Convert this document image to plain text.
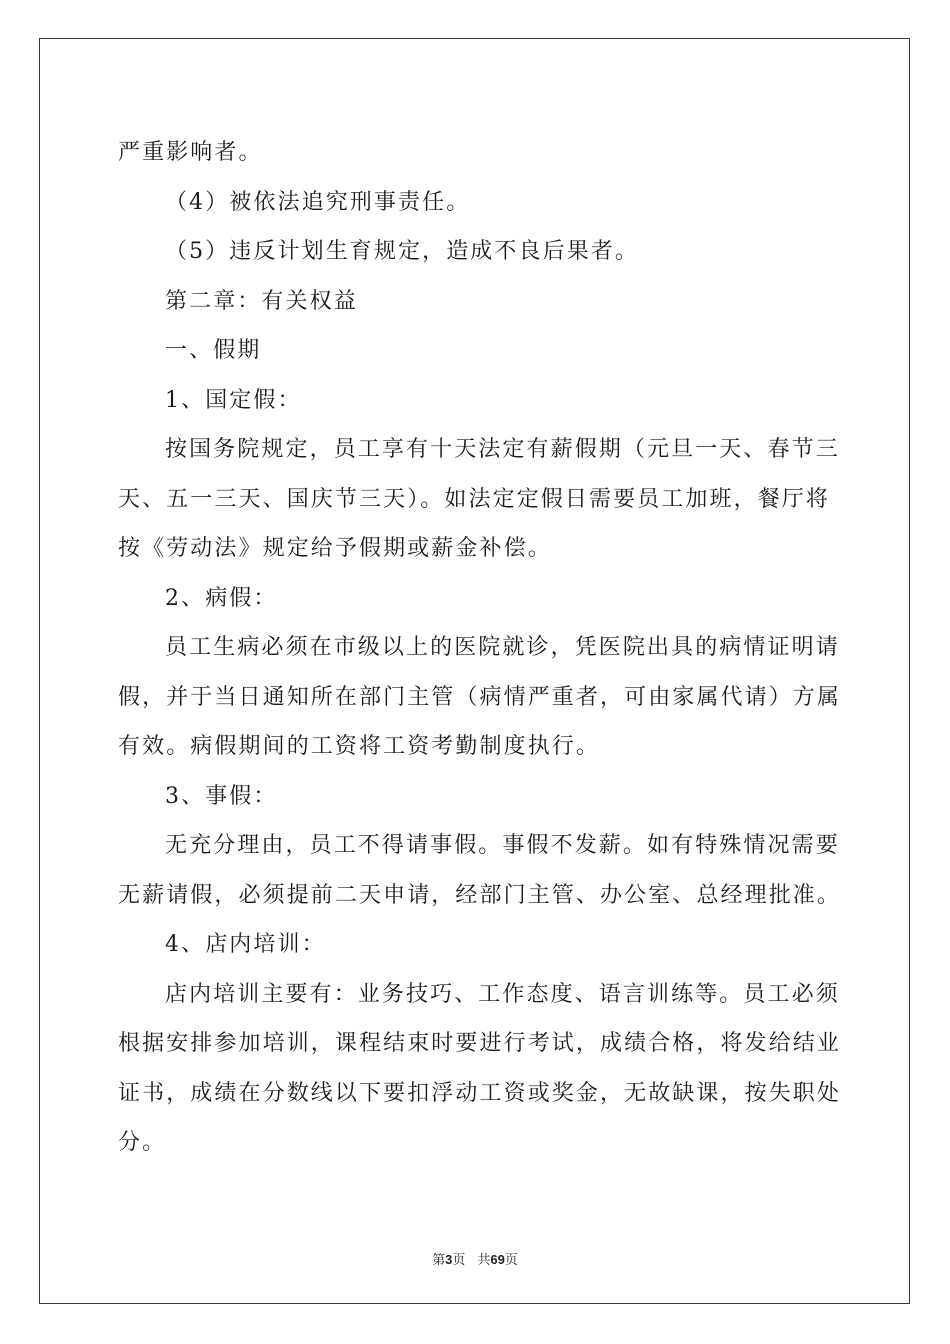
严重影响者。
（4）被依法追究刑事责任。
（5）违反计划生育规定，造成不良后果者。
第二章：有关权益
一、假期
1、国定假：
按国务院规定，员工享有十天法定有薪假期（元旦一天、春节三
天、五一三天、国庆节三天）。如法定定假日需要员工加班，餐厅将
按《劳动法》规定给予假期或薪金补偿。
2、病假：
员工生病必须在市级以上的医院就诊，凭医院出具的病情证明请
假，并于当日通知所在部门主管（病情严重者，可由家属代请）方属
有效。病假期间的工资将工资考勤制度执行。
3、事假：
无充分理由，员工不得请事假。事假不发薪。如有特殊情况需要
无薪请假，必须提前二天申请，经部门主管、办公室、总经理批准。
4、店内培训：
店内培训主要有：业务技巧、工作态度、语言训练等。员工必须
根据安排参加培训，课程结束时要进行考试，成绩合格，将发给结业
证书，成绩在分数线以下要扣浮动工资或奖金，无故缺课，按失职处
分。
第3页 共69页
